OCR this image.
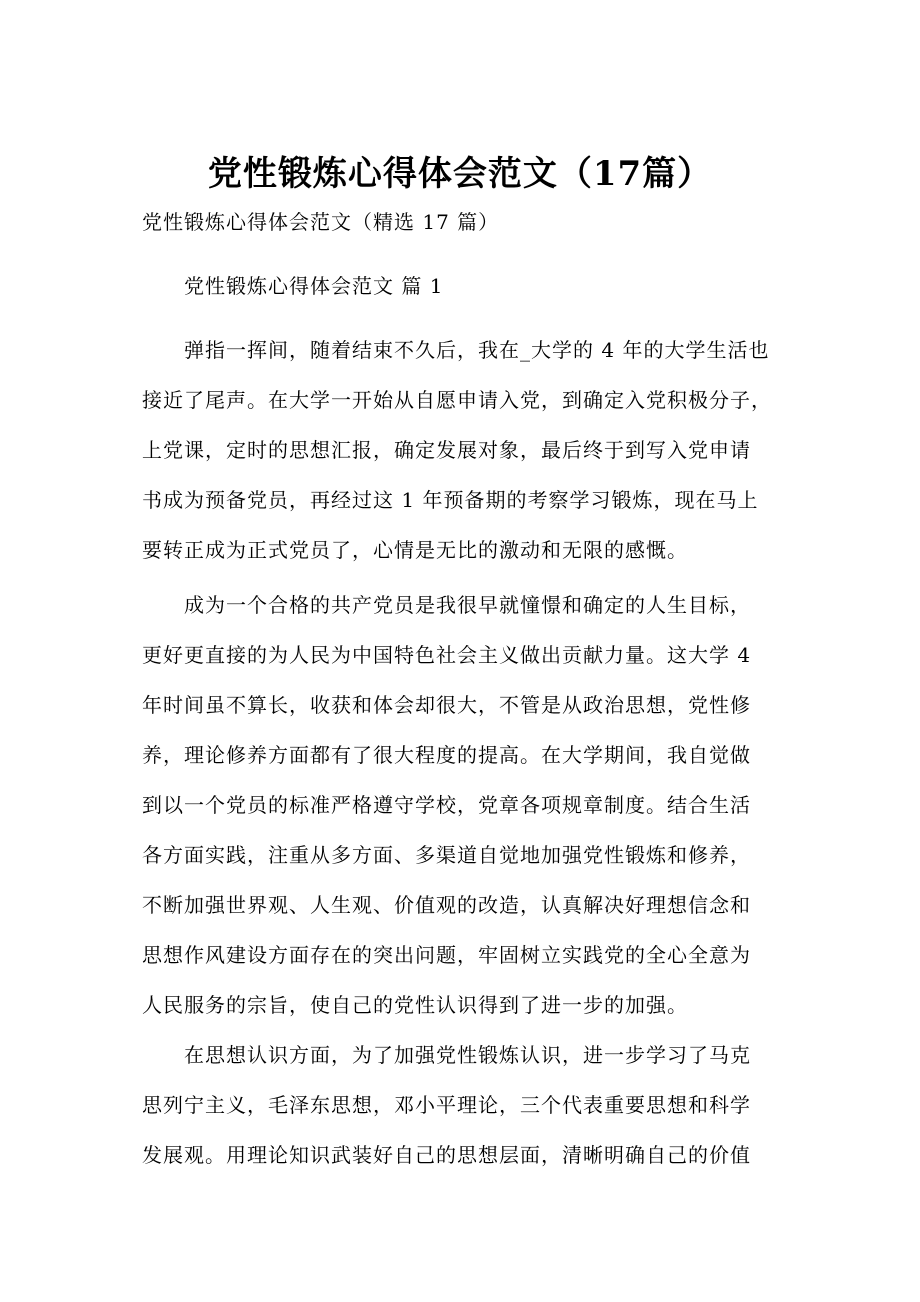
党性锻炼心得体会范文（17篇）
党性锻炼心得体会范文（精选 17 篇）
党性锻炼心得体会范文 篇 1
弹指一挥间，随着结束不久后，我在_大学的 4 年的大学生活也
接近了尾声。在大学一开始从自愿申请入党，到确定入党积极分子，
上党课，定时的思想汇报，确定发展对象，最后终于到写入党申请
书成为预备党员，再经过这 1 年预备期的考察学习锻炼，现在马上
要转正成为正式党员了，心情是无比的激动和无限的感慨。
成为一个合格的共产党员是我很早就憧憬和确定的人生目标，
更好更直接的为人民为中国特色社会主义做出贡献力量。这大学 4
年时间虽不算长，收获和体会却很大，不管是从政治思想，党性修
养，理论修养方面都有了很大程度的提高。在大学期间，我自觉做
到以一个党员的标准严格遵守学校，党章各项规章制度。结合生活
各方面实践，注重从多方面、多渠道自觉地加强党性锻炼和修养，
不断加强世界观、人生观、价值观的改造，认真解决好理想信念和
思想作风建设方面存在的突出问题，牢固树立实践党的全心全意为
人民服务的宗旨，使自己的党性认识得到了进一步的加强。
在思想认识方面，为了加强党性锻炼认识，进一步学习了马克
思列宁主义，毛泽东思想，邓小平理论，三个代表重要思想和科学
发展观。用理论知识武装好自己的思想层面，清晰明确自己的价值
